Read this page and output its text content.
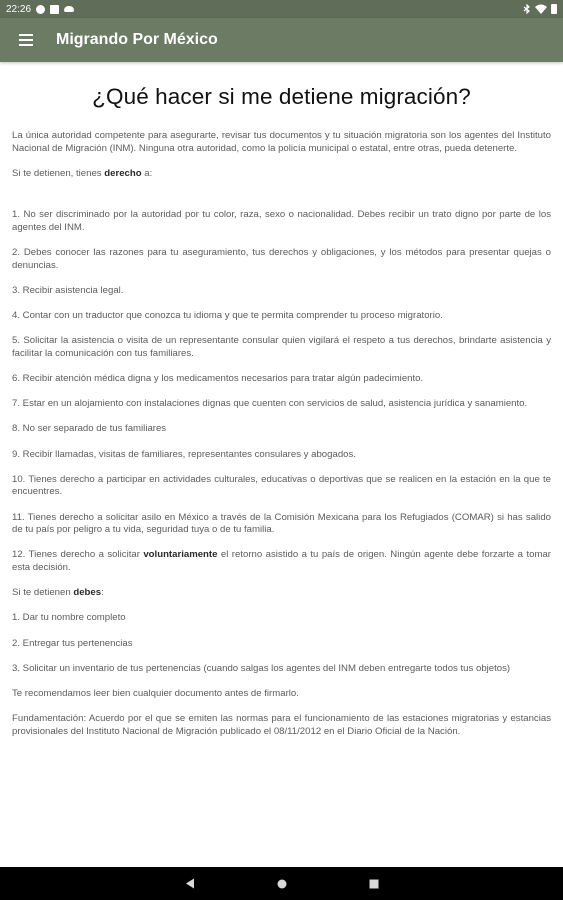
22:26
Migrando Por México
¿Qué hacer si me detiene migración?

La única autoridad competente para asegurarte, revisar tus documentos y tu situación migratoria son los agentes del Instituto Nacional de Migración (INM). Ninguna otra autoridad, como la policía municipal o estatal, entre otras, pueda detenerte.

Si te detienen, tienes derecho a:

1. No ser discriminado por la autoridad por tu color, raza, sexo o nacionalidad. Debes recibir un trato digno por parte de los agentes del INM.

2. Debes conocer las razones para tu aseguramiento, tus derechos y obligaciones, y los métodos para presentar quejas o denuncias.

3. Recibir asistencia legal.

4. Contar con un traductor que conozca tu idioma y que te permita comprender tu proceso migratorio.

5. Solicitar la asistencia o visita de un representante consular quien vigilará el respeto a tus derechos, brindarte asistencia y facilitar la comunicación con tus familiares.

6. Recibir atención médica digna y los medicamentos necesarios para tratar algún padecimiento.

7. Estar en un alojamiento con instalaciones dignas que cuenten con servicios de salud, asistencia jurídica y sanamiento.

8. No ser separado de tus familiares

9. Recibir llamadas, visitas de familiares, representantes consulares y abogados.

10. Tienes derecho a participar en actividades culturales, educativas o deportivas que se realicen en la estación en la que te encuentres.

11. Tienes derecho a solicitar asilo en México a través de la Comisión Mexicana para los Refugiados (COMAR) si has salido de tu país por peligro a tu vida, seguridad tuya o de tu familia.

12. Tienes derecho a solicitar voluntariamente el retorno asistido a tu país de origen. Ningún agente debe forzarte a tomar esta decisión.

Si te detienen debes:

1. Dar tu nombre completo

2. Entregar tus pertenencias

3. Solicitar un inventario de tus pertenencias (cuando salgas los agentes del INM deben entregarte todos tus objetos)

Te recomendamos leer bien cualquier documento antes de firmarlo.

Fundamentación: Acuerdo por el que se emiten las normas para el funcionamiento de las estaciones migratorias y estancias provisionales del Instituto Nacional de Migración publicado el 08/11/2012 en el Diario Oficial de la Nación.
